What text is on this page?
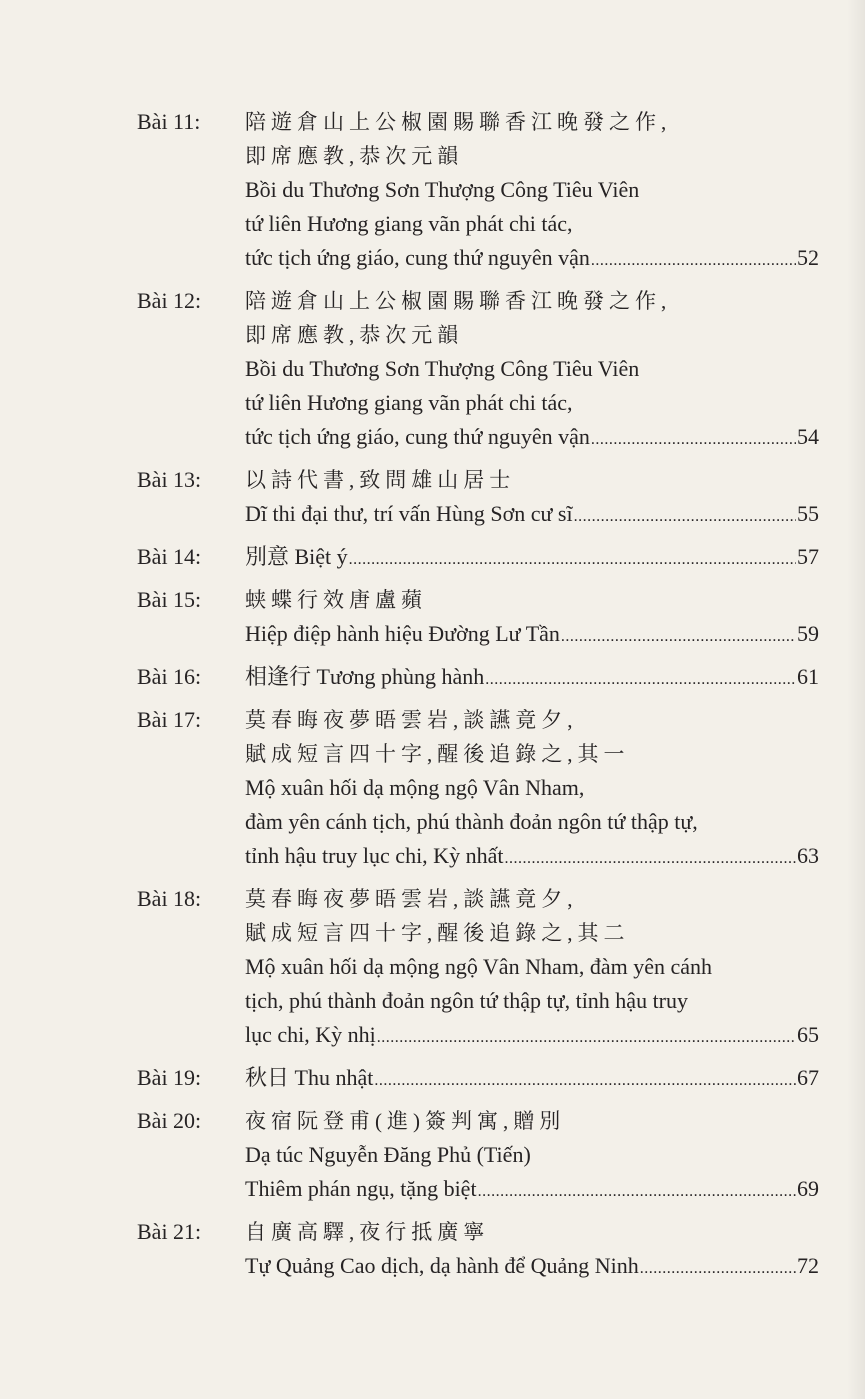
Bài 11:	陪遊倉山上公椒園賜聯香江晚發之作,
即席應教,恭次元韻
Bồi du Thương Sơn Thượng Công Tiêu Viên
tứ liên Hương giang vãn phát chi tác,
tức tịch ứng giáo, cung thứ nguyên vận .....	52
Bài 12:	陪遊倉山上公椒園賜聯香江晚發之作,
即席應教,恭次元韻
Bồi du Thương Sơn Thượng Công Tiêu Viên
tứ liên Hương giang vãn phát chi tác,
tức tịch ứng giáo, cung thứ nguyên vận .....	54
Bài 13:	以詩代書,致問雄山居士
Dĩ thi đại thư, trí vấn Hùng Sơn cư sĩ .....	55
Bài 14:	別意 Biệt ý .....	57
Bài 15:	蛱蝶行效唐盧蘋
Hiệp điệp hành hiệu Đường Lư Tần .....	59
Bài 16:	相逢行 Tương phùng hành .....	61
Bài 17:	莫春晦夜夢晤雲岩,談讌竟夕,
賦成短言四十字,醒後追錄之,其一
Mộ xuân hối dạ mộng ngộ Vân Nham,
đàm yên cánh tịch, phú thành đoản ngôn tứ thập tự,
tỉnh hậu truy lục chi, Kỳ nhất .....	63
Bài 18:	莫春晦夜夢晤雲岩,談讌竟夕,
賦成短言四十字,醒後追錄之,其二
Mộ xuân hối dạ mộng ngộ Vân Nham, đàm yên cánh
tịch, phú thành đoản ngôn tứ thập tự, tỉnh hậu truy
lục chi, Kỳ nhị .....	65
Bài 19:	秋日 Thu nhật .....	67
Bài 20:	夜宿阮登甫(進)簽判寓,贈別
Dạ túc Nguyễn Đăng Phủ (Tiến)
Thiêm phán ngụ, tặng biệt .....	69
Bài 21:	自廣高驛,夜行抵廣寧
Tự Quảng Cao dịch, dạ hành để Quảng Ninh .....	72
